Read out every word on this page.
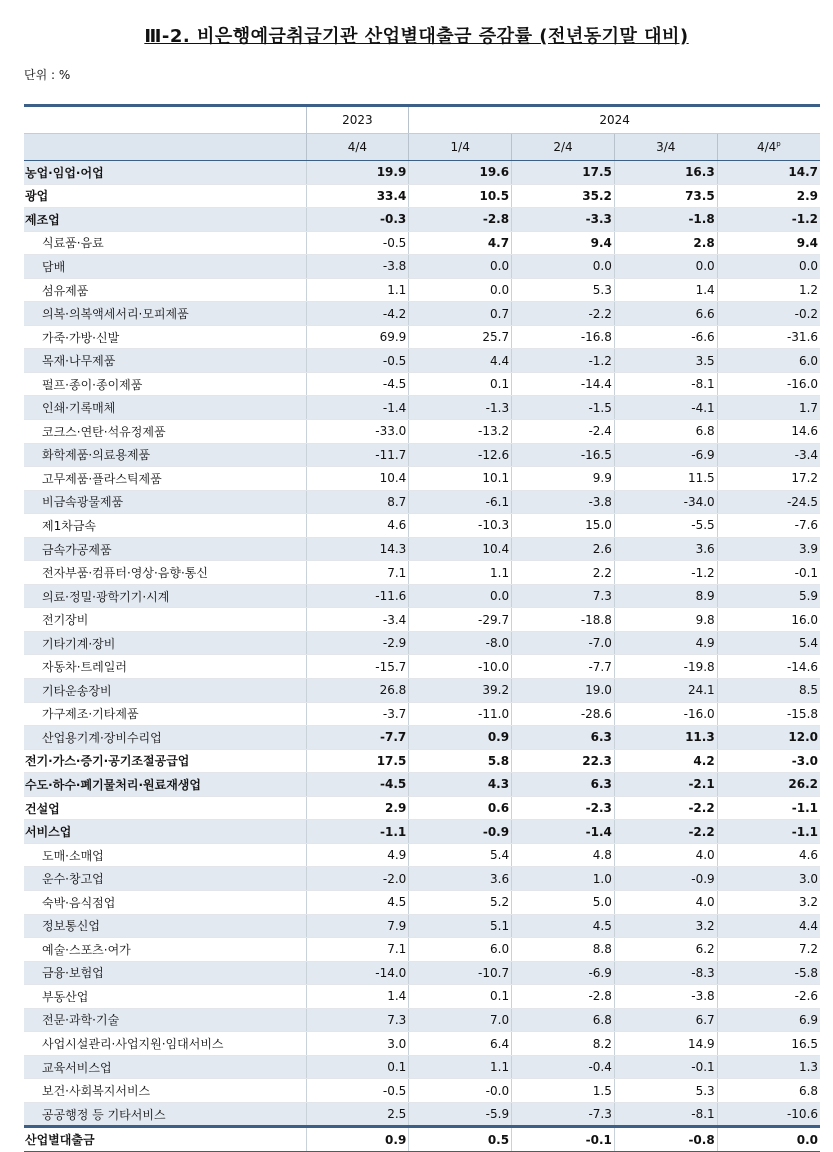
Ⅲ-2. 비은행예금취급기관 산업별대출금 증감률 (전년동기말 대비)
단위 : %
	2023	2024			
	4/4	1/4	2/4	3/4	4/4$^p$
농업·임업·어업	19.9	19.6	17.5	16.3	14.7
광업	33.4	10.5	35.2	73.5	2.9
제조업	-0.3	-2.8	-3.3	-1.8	-1.2
식료품·음료	-0.5	4.7	9.4	2.8	9.4
담배	-3.8	0.0	0.0	0.0	0.0
섬유제품	1.1	0.0	5.3	1.4	1.2
의복·의복액세서리·모피제품	-4.2	0.7	-2.2	6.6	-0.2
가죽·가방·신발	69.9	25.7	-16.8	-6.6	-31.6
목재·나무제품	-0.5	4.4	-1.2	3.5	6.0
펄프·종이·종이제품	-4.5	0.1	-14.4	-8.1	-16.0
인쇄·기록매체	-1.4	-1.3	-1.5	-4.1	1.7
코크스·연탄·석유정제품	-33.0	-13.2	-2.4	6.8	14.6
화학제품·의료용제품	-11.7	-12.6	-16.5	-6.9	-3.4
고무제품·플라스틱제품	10.4	10.1	9.9	11.5	17.2
비금속광물제품	8.7	-6.1	-3.8	-34.0	-24.5
제1차금속	4.6	-10.3	15.0	-5.5	-7.6
금속가공제품	14.3	10.4	2.6	3.6	3.9
전자부품·컴퓨터·영상·음향·통신	7.1	1.1	2.2	-1.2	-0.1
의료·정밀·광학기기·시계	-11.6	0.0	7.3	8.9	5.9
전기장비	-3.4	-29.7	-18.8	9.8	16.0
기타기계·장비	-2.9	-8.0	-7.0	4.9	5.4
자동차·트레일러	-15.7	-10.0	-7.7	-19.8	-14.6
기타운송장비	26.8	39.2	19.0	24.1	8.5
가구제조·기타제품	-3.7	-11.0	-28.6	-16.0	-15.8
산업용기계·장비수리업	-7.7	0.9	6.3	11.3	12.0
전기·가스·증기·공기조절공급업	17.5	5.8	22.3	4.2	-3.0
수도·하수·폐기물처리·원료재생업	-4.5	4.3	6.3	-2.1	26.2
건설업	2.9	0.6	-2.3	-2.2	-1.1
서비스업	-1.1	-0.9	-1.4	-2.2	-1.1
도매·소매업	4.9	5.4	4.8	4.0	4.6
운수·창고업	-2.0	3.6	1.0	-0.9	3.0
숙박·음식점업	4.5	5.2	5.0	4.0	3.2
정보통신업	7.9	5.1	4.5	3.2	4.4
예술·스포츠·여가	7.1	6.0	8.8	6.2	7.2
금융·보험업	-14.0	-10.7	-6.9	-8.3	-5.8
부동산업	1.4	0.1	-2.8	-3.8	-2.6
전문·과학·기술	7.3	7.0	6.8	6.7	6.9
사업시설관리·사업지원·임대서비스	3.0	6.4	8.2	14.9	16.5
교육서비스업	0.1	1.1	-0.4	-0.1	1.3
보건·사회복지서비스	-0.5	-0.0	1.5	5.3	6.8
공공행정 등 기타서비스	2.5	-5.9	-7.3	-8.1	-10.6
산업별대출금	0.9	0.5	-0.1	-0.8	0.0
